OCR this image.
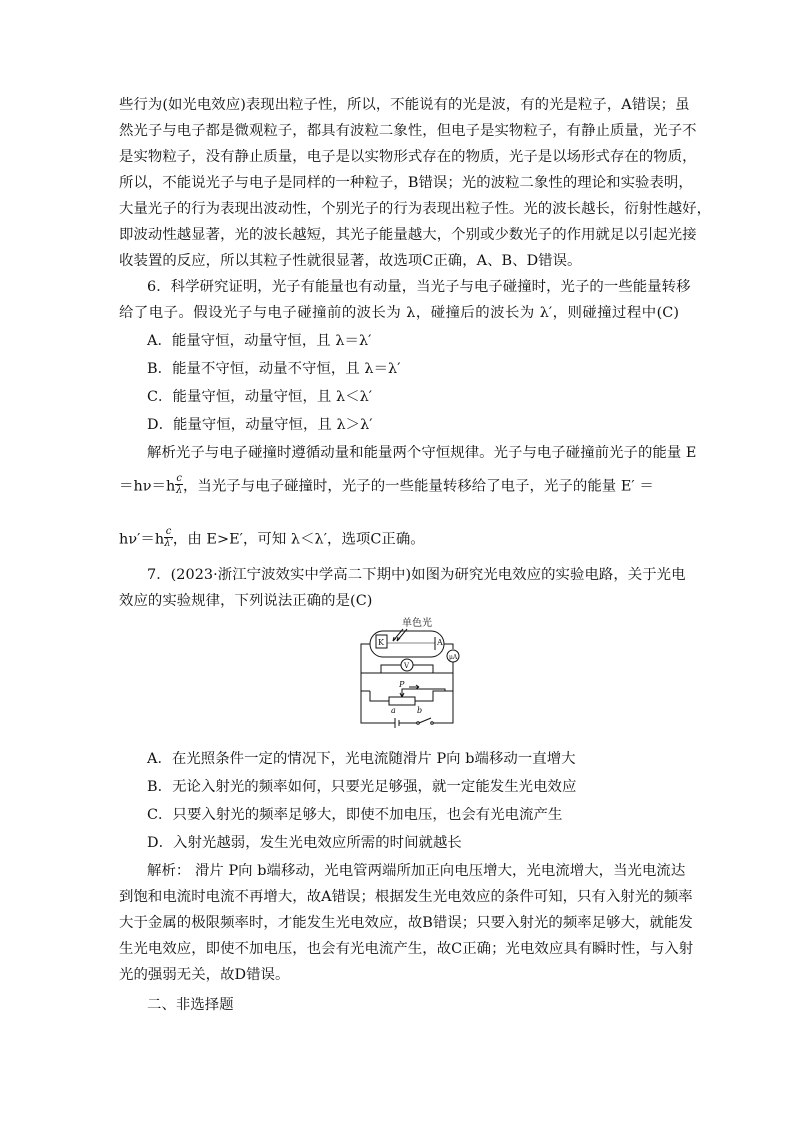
些行为(如光电效应)表现出粒子性，所以，不能说有的光是波，有的光是粒子，A错误；虽
然光子与电子都是微观粒子，都具有波粒二象性，但电子是实物粒子，有静止质量，光子不
是实物粒子，没有静止质量，电子是以实物形式存在的物质，光子是以场形式存在的物质，
所以，不能说光子与电子是同样的一种粒子，B错误；光的波粒二象性的理论和实验表明，
大量光子的行为表现出波动性，个别光子的行为表现出粒子性。光的波长越长，衍射性越好，
即波动性越显著，光的波长越短，其光子能量越大，个别或少数光子的作用就足以引起光接
收装置的反应，所以其粒子性就很显著，故选项C正确，A、B、D错误。
6．科学研究证明，光子有能量也有动量，当光子与电子碰撞时，光子的一些能量转移
给了电子。假设光子与电子碰撞前的波长为 λ，碰撞后的波长为 λ′，则碰撞过程中(C)
A．能量守恒，动量守恒，且 λ＝λ′
B．能量不守恒，动量不守恒，且 λ＝λ′
C．能量守恒，动量守恒，且 λ＜λ′
D．能量守恒，动量守恒，且 λ＞λ′
解析光子与电子碰撞时遵循动量和能量两个守恒规律。光子与电子碰撞前光子的能量 E
$=h\nu=h \frac{c}{\lambda}$ ，当光子与电子碰撞时，光子的一些能量转移给了电子，光子的能量 E′ ＝
$h\nu'=h \frac{c}{\lambda'}$ ，由 E>E′，可知 λ＜λ′，选项C正确。
7．(2023·浙江宁波效实中学高二下期中)如图为研究光电效应的实验电路，关于光电
效应的实验规律，下列说法正确的是(C)
A．在光照条件一定的情况下，光电流随滑片 P向 b端移动一直增大
B．无论入射光的频率如何，只要光足够强，就一定能发生光电效应
C．只要入射光的频率足够大，即使不加电压，也会有光电流产生
D．入射光越弱，发生光电效应所需的时间就越长
解析： 滑片 P向 b端移动，光电管两端所加正向电压增大，光电流增大，当光电流达
到饱和电流时电流不再增大，故A错误；根据发生光电效应的条件可知，只有入射光的频率
大于金属的极限频率时，才能发生光电效应，故B错误；只要入射光的频率足够大，就能发
生光电效应，即使不加电压，也会有光电流产生，故C正确；光电效应具有瞬时性，与入射
光的强弱无关，故D错误。
二、非选择题
单色光
K	A
V
μA
P
a	b
